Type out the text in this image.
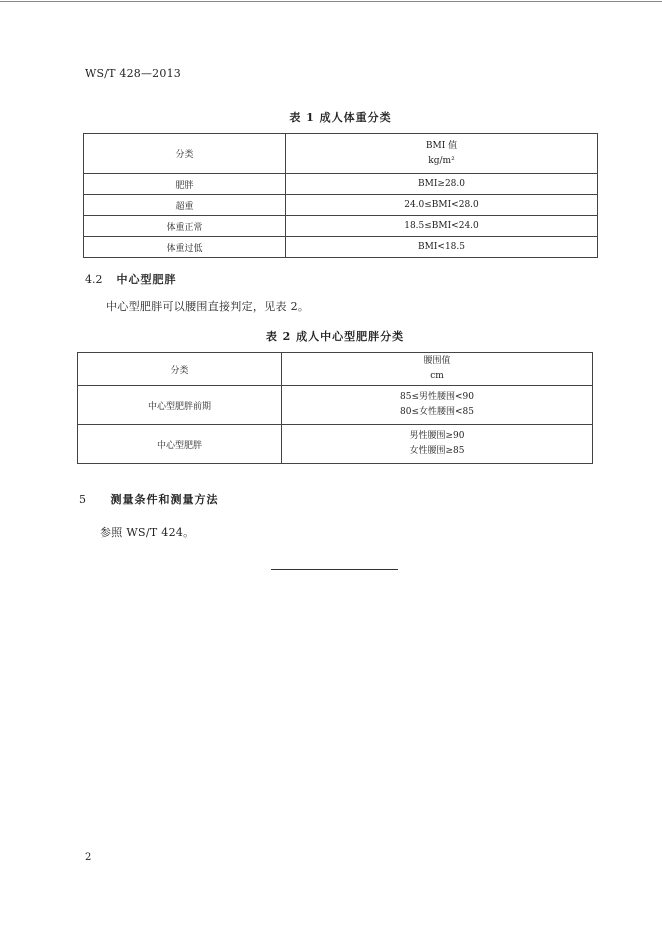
WS/T 428—2013
表 1 成人体重分类
分类	BMI 值
kg/m²

肥胖	BMI≥28.0
超重	24.0≤BMI<28.0
体重正常	18.5≤BMI<24.0
体重过低	BMI<18.5
4.2 中心型肥胖
中心型肥胖可以腰围直接判定，见表 2。
表 2 成人中心型肥胖分类
分类	腰围值
cm

中心型肥胖前期	85≤男性腰围<90
80≤女性腰围<85

中心型肥胖	男性腰围≥90
女性腰围≥85
5 测量条件和测量方法
参照 WS/T 424。
2
